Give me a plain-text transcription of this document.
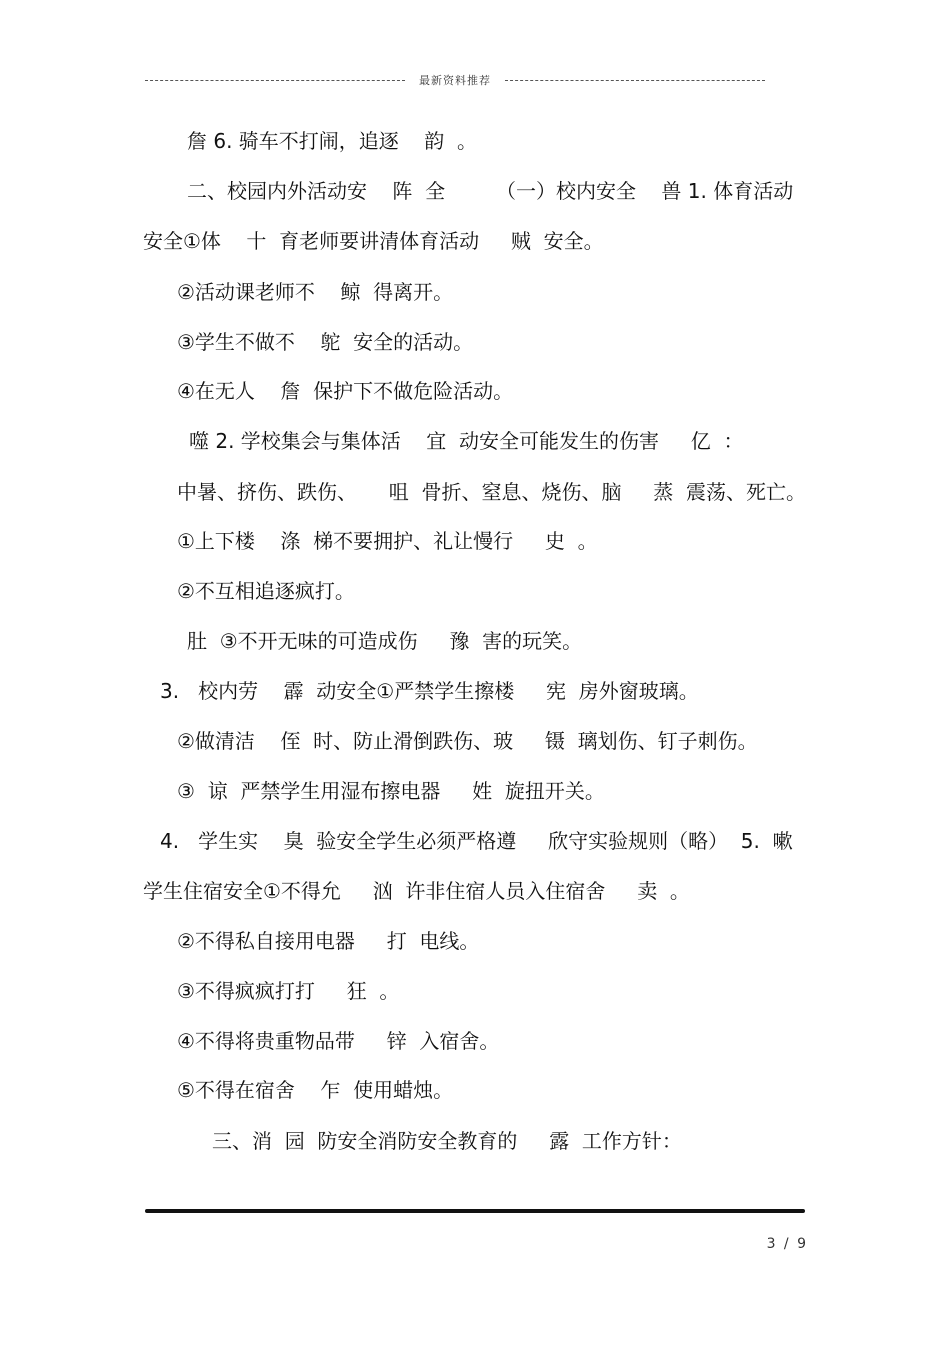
最新资料推荐
詹 6. 骑车不打闹，追逐    韵  。
二、校园内外活动安    阵  全        （一）校内安全    兽 1. 体育活动
安全①体    十  育老师要讲清体育活动     贼  安全。
②活动课老师不    鲸  得离开。
③学生不做不    鸵  安全的活动。
④在无人    詹  保护下不做危险活动。
噬 2. 学校集会与集体活    宜  动安全可能发生的伤害     亿  ：
中暑、挤伤、跌伤、     咀  骨折、窒息、烧伤、脑     蒸  震荡、死亡。
①上下楼    涤  梯不要拥护、礼让慢行     史  。
②不互相追逐疯打。
肚  ③不开无味的可造成伤     豫  害的玩笑。
3.   校内劳    霹  动安全①严禁学生擦楼     宪  房外窗玻璃。
②做清洁    侄  时、防止滑倒跌伤、玻     镊  璃划伤、钉子刺伤。
③  谅  严禁学生用湿布擦电器     姓  旋扭开关。
4.   学生实    臭  验安全学生必须严格遵     欣守实验规则（略）  5.  嗽
学生住宿安全①不得允     汹  许非住宿人员入住宿舍     卖  。
②不得私自接用电器     打  电线。
③不得疯疯打打     狂  。
④不得将贵重物品带     锌  入宿舍。
⑤不得在宿舍    乍  使用蜡烛。
三、消  园  防安全消防安全教育的     露  工作方针：
3 / 9
